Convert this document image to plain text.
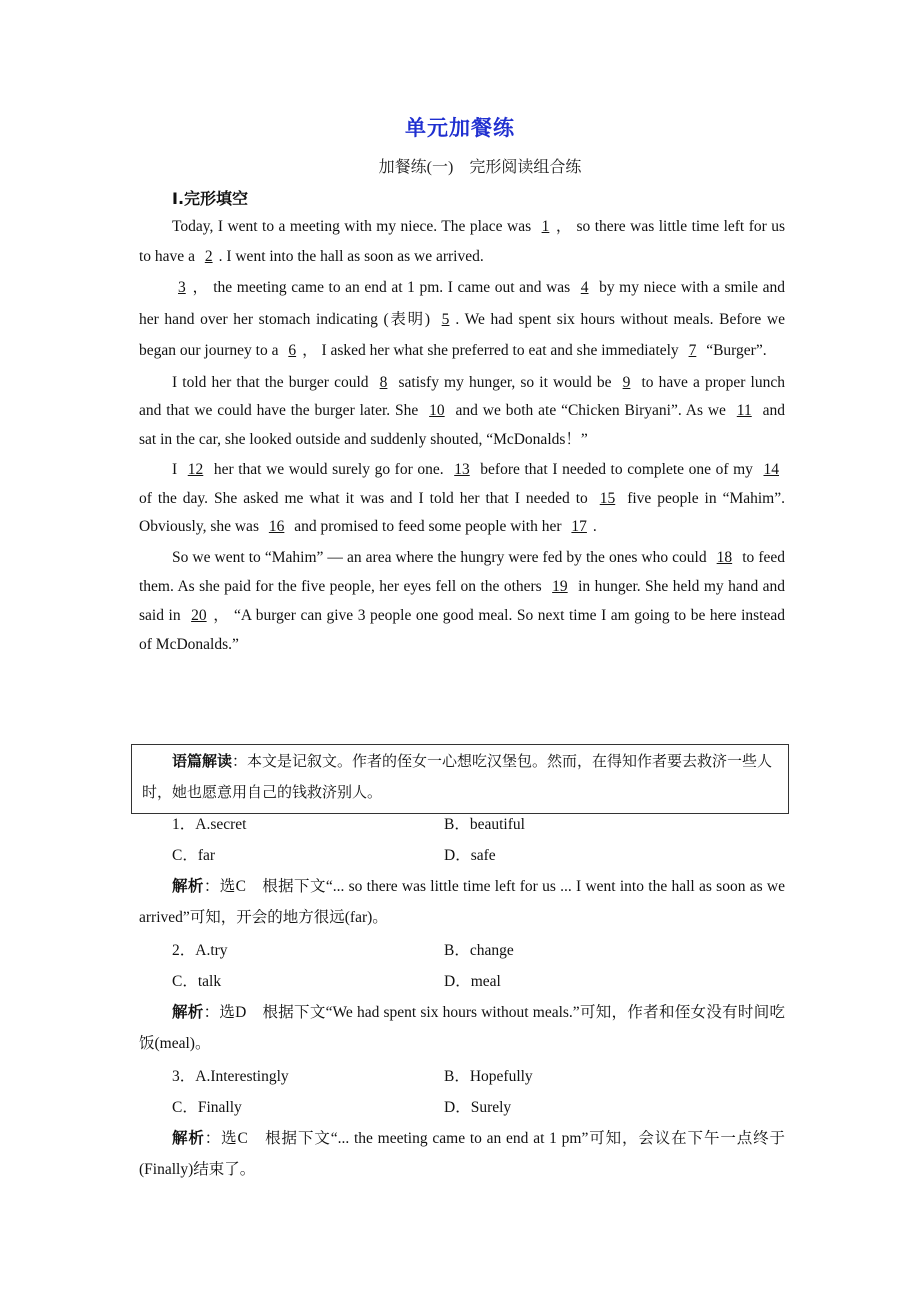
单元加餐练
加餐练(一)　完形阅读组合练
Ⅰ.完形填空

Today, I went to a meeting with my niece. The place was 1 ， so there was little time left for us to have a 2 . I went into the hall as soon as we arrived.

3 ， the meeting came to an end at 1 pm. I came out and was 4 by my niece with a smile and her hand over her stomach indicating (表明) 5 . We had spent six hours without meals. Before we began our journey to a 6 ， I asked her what she preferred to eat and she immediately 7 “Burger”.

I told her that the burger could 8 satisfy my hunger, so it would be 9 to have a proper lunch and that we could have the burger later. She 10 and we both ate “Chicken Biryani”. As we 11 and sat in the car, she looked outside and suddenly shouted, “McDonalds！”

I 12 her that we would surely go for one. 13 before that I needed to complete one of my 14 of the day. She asked me what it was and I told her that I needed to 15 five people in “Mahim”. Obviously, she was 16 and promised to feed some people with her 17 .

So we went to “Mahim” — an area where the hungry were fed by the ones who could 18 to feed them. As she paid for the five people, her eyes fell on the others 19 in hunger. She held my hand and said in 20 ， “A burger can give 3 people one good meal. So next time I am going to be here instead of McDonalds.”

语篇解读：本文是记叙文。作者的侄女一心想吃汉堡包。然而，在得知作者要去救济一些人时，她也愿意用自己的钱救济别人。
1．A.secret	B．beautiful
C．far	D．safe
解析：选C　根据下文“... so there was little time left for us ... I went into the hall as soon as we arrived”可知，开会的地方很远(far)。
2．A.try	B．change
C．talk	D．meal
解析：选D　根据下文“We had spent six hours without meals.”可知，作者和侄女没有时间吃饭(meal)。
3．A.Interestingly	B．Hopefully
C．Finally	D．Surely
解析：选C　根据下文“... the meeting came to an end at 1 pm”可知，会议在下午一点终于(Finally)结束了。
